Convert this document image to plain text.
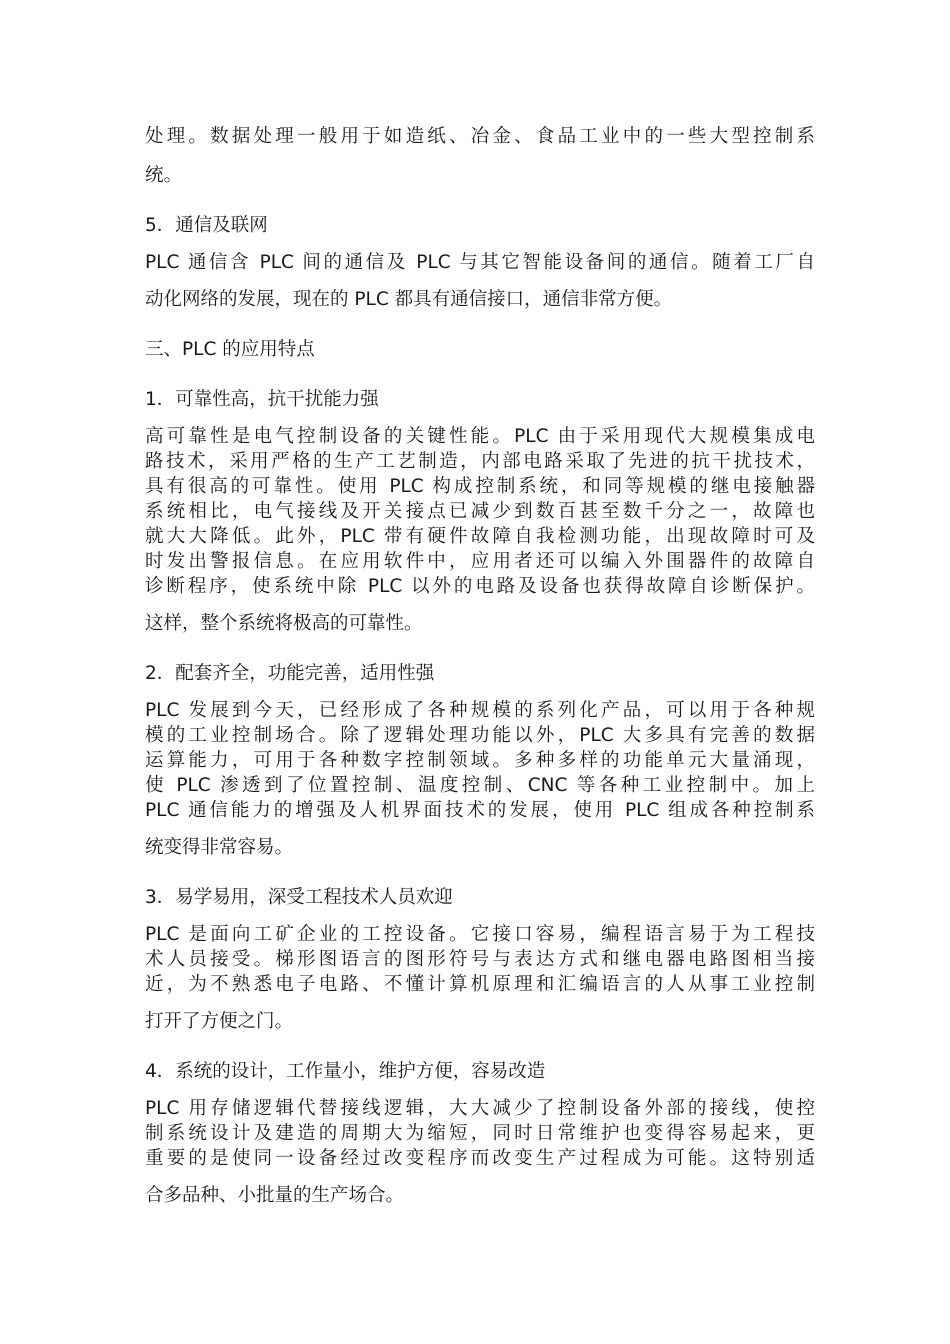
处理。数据处理一般用于如造纸、冶金、食品工业中的一些大型控制系
统。
5．通信及联网
PLC 通信含 PLC 间的通信及 PLC 与其它智能设备间的通信。随着工厂自
动化网络的发展，现在的 PLC 都具有通信接口，通信非常方便。
三、PLC 的应用特点
1．可靠性高，抗干扰能力强
高可靠性是电气控制设备的关键性能。PLC 由于采用现代大规模集成电
路技术，采用严格的生产工艺制造，内部电路采取了先进的抗干扰技术，
具有很高的可靠性。使用 PLC 构成控制系统，和同等规模的继电接触器
系统相比，电气接线及开关接点已减少到数百甚至数千分之一，故障也
就大大降低。此外，PLC 带有硬件故障自我检测功能，出现故障时可及
时发出警报信息。在应用软件中，应用者还可以编入外围器件的故障自
诊断程序，使系统中除 PLC 以外的电路及设备也获得故障自诊断保护。
这样，整个系统将极高的可靠性。
2．配套齐全，功能完善，适用性强
PLC 发展到今天，已经形成了各种规模的系列化产品，可以用于各种规
模的工业控制场合。除了逻辑处理功能以外，PLC 大多具有完善的数据
运算能力，可用于各种数字控制领域。多种多样的功能单元大量涌现，
使 PLC 渗透到了位置控制、温度控制、CNC 等各种工业控制中。加上
PLC 通信能力的增强及人机界面技术的发展，使用 PLC 组成各种控制系
统变得非常容易。
3．易学易用，深受工程技术人员欢迎
PLC 是面向工矿企业的工控设备。它接口容易，编程语言易于为工程技
术人员接受。梯形图语言的图形符号与表达方式和继电器电路图相当接
近，为不熟悉电子电路、不懂计算机原理和汇编语言的人从事工业控制
打开了方便之门。
4．系统的设计，工作量小，维护方便，容易改造
PLC 用存储逻辑代替接线逻辑，大大减少了控制设备外部的接线，使控
制系统设计及建造的周期大为缩短，同时日常维护也变得容易起来，更
重要的是使同一设备经过改变程序而改变生产过程成为可能。这特别适
合多品种、小批量的生产场合。
